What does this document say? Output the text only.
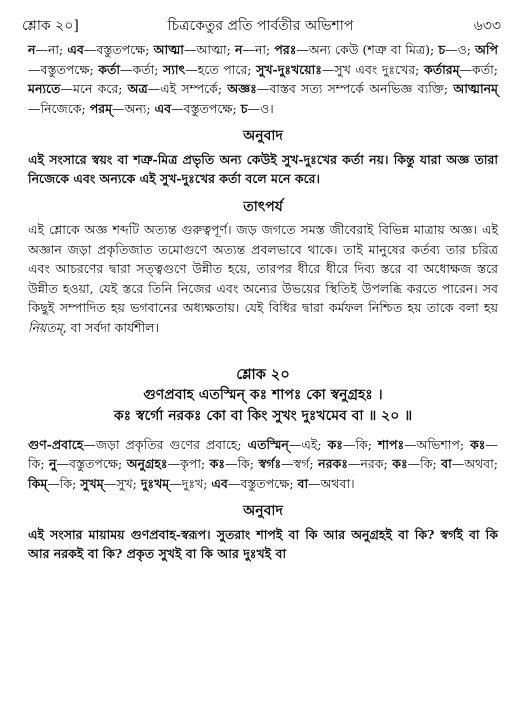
শ্লোক ২০]	চিত্রকেতুর প্রতি পার্বতীর অভিশাপ	৬৩৩

ন—না; এব—বস্তুতপক্ষে; আত্মা—আত্মা; ন—না; পরঃ—অন্য কেউ (শত্রু বা মিত্র); চ—ও; অপি—বস্তুতপক্ষে; কর্তা—কর্তা; স্যাৎ—হতে পারে; সুখ-দুঃখয়োঃ—সুখ এবং দুঃখের; কর্তারম্—কর্তা; মন্যতে—মনে করে; অত্র—এই সম্পর্কে; অজ্ঞঃ—বাস্তব সত্য সম্পর্কে অনভিজ্ঞ ব্যক্তি; আত্মানম্—নিজেকে; পরম্—অন্য; এব—বস্তুতপক্ষে; চ—ও।

অনুবাদ

এই সংসারে স্বয়ং বা শত্রু-মিত্র প্রভৃতি অন্য কেউই সুখ-দুঃখের কর্তা নয়। কিন্তু যারা অজ্ঞ তারা নিজেকে এবং অন্যকে এই সুখ-দুঃখের কর্তা বলে মনে করে।

তাৎপর্য

এই শ্লোকে অজ্ঞ শব্দটি অত্যন্ত গুরুত্বপূর্ণ। জড় জগতে সমস্ত জীবেরাই বিভিন্ন মাত্রায় অজ্ঞ। এই অজ্ঞান জড়া প্রকৃতিজাত তমোগুণে অত্যন্ত প্রবলভাবে থাকে। তাই মানুষের কর্তব্য তার চরিত্র এবং আচরণের দ্বারা সত্ত্বগুণে উন্নীত হয়ে, তারপর ধীরে ধীরে দিব্য স্তরে বা অধোক্ষজ স্তরে উন্নীত হওয়া, যেই স্তরে তিনি নিজের এবং অন্যের উভয়ের স্থিতিই উপলব্ধি করতে পারেন। সব কিছুই সম্পাদিত হয় ভগবানের অধ্যক্ষতায়। যেই বিধির দ্বারা কর্মফল নিশ্চিত হয় তাকে বলা হয় নিয়তম্, বা সর্বদা কার্যশীল।

শ্লোক ২০

গুণপ্রবাহ এতস্মিন্ কঃ শাপঃ কো স্বনুগ্রহঃ ।

কঃ স্বর্গো নরকঃ কো বা কিং সুখং দুঃখমেব বা ॥ ২০ ॥

গুণ-প্রবাহে—জড়া প্রকৃতির গুণের প্রবাহে; এতস্মিন্—এই; কঃ—কি; শাপঃ—অভিশাপ; কঃ—কি; নু—বস্তুতপক্ষে; অনুগ্রহঃ—কৃপা; কঃ—কি; স্বর্গঃ—স্বর্গ; নরকঃ—নরক; কঃ—কি; বা—অথবা; কিম্—কি; সুখম্—সুখ; দুঃখম্—দুঃখ; এব—বস্তুতপক্ষে; বা—অথবা।

অনুবাদ

এই সংসার মায়াময় গুণপ্রবাহ-স্বরূপ। সুতরাং শাপই বা কি আর অনুগ্রহই বা কি? স্বর্গই বা কি আর নরকই বা কি? প্রকৃত সুখই বা কি আর দুঃখই বা
